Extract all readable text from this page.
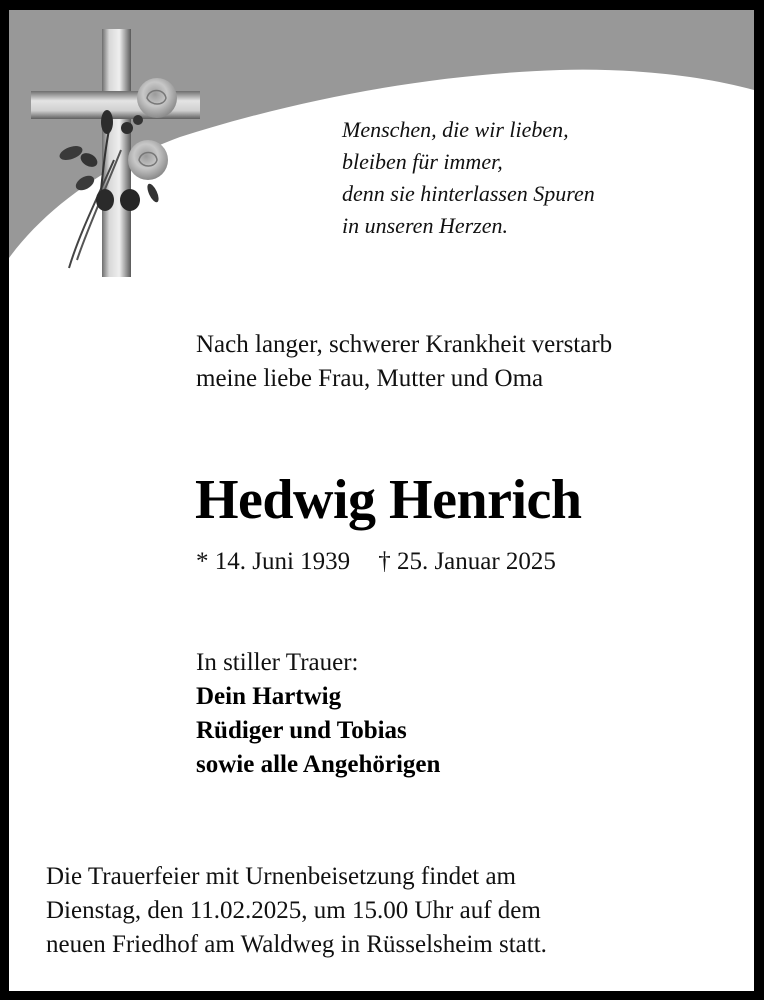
Menschen, die wir lieben,
bleiben für immer,
denn sie hinterlassen Spuren
in unseren Herzen.
Nach langer, schwerer Krankheit verstarb
meine liebe Frau, Mutter und Oma
Hedwig Henrich
* 14. Juni 1939 † 25. Januar 2025
In stiller Trauer:
Dein Hartwig
Rüdiger und Tobias
sowie alle Angehörigen
Die Trauerfeier mit Urnenbeisetzung findet am
Dienstag, den 11.02.2025, um 15.00 Uhr auf dem
neuen Friedhof am Waldweg in Rüsselsheim statt.
